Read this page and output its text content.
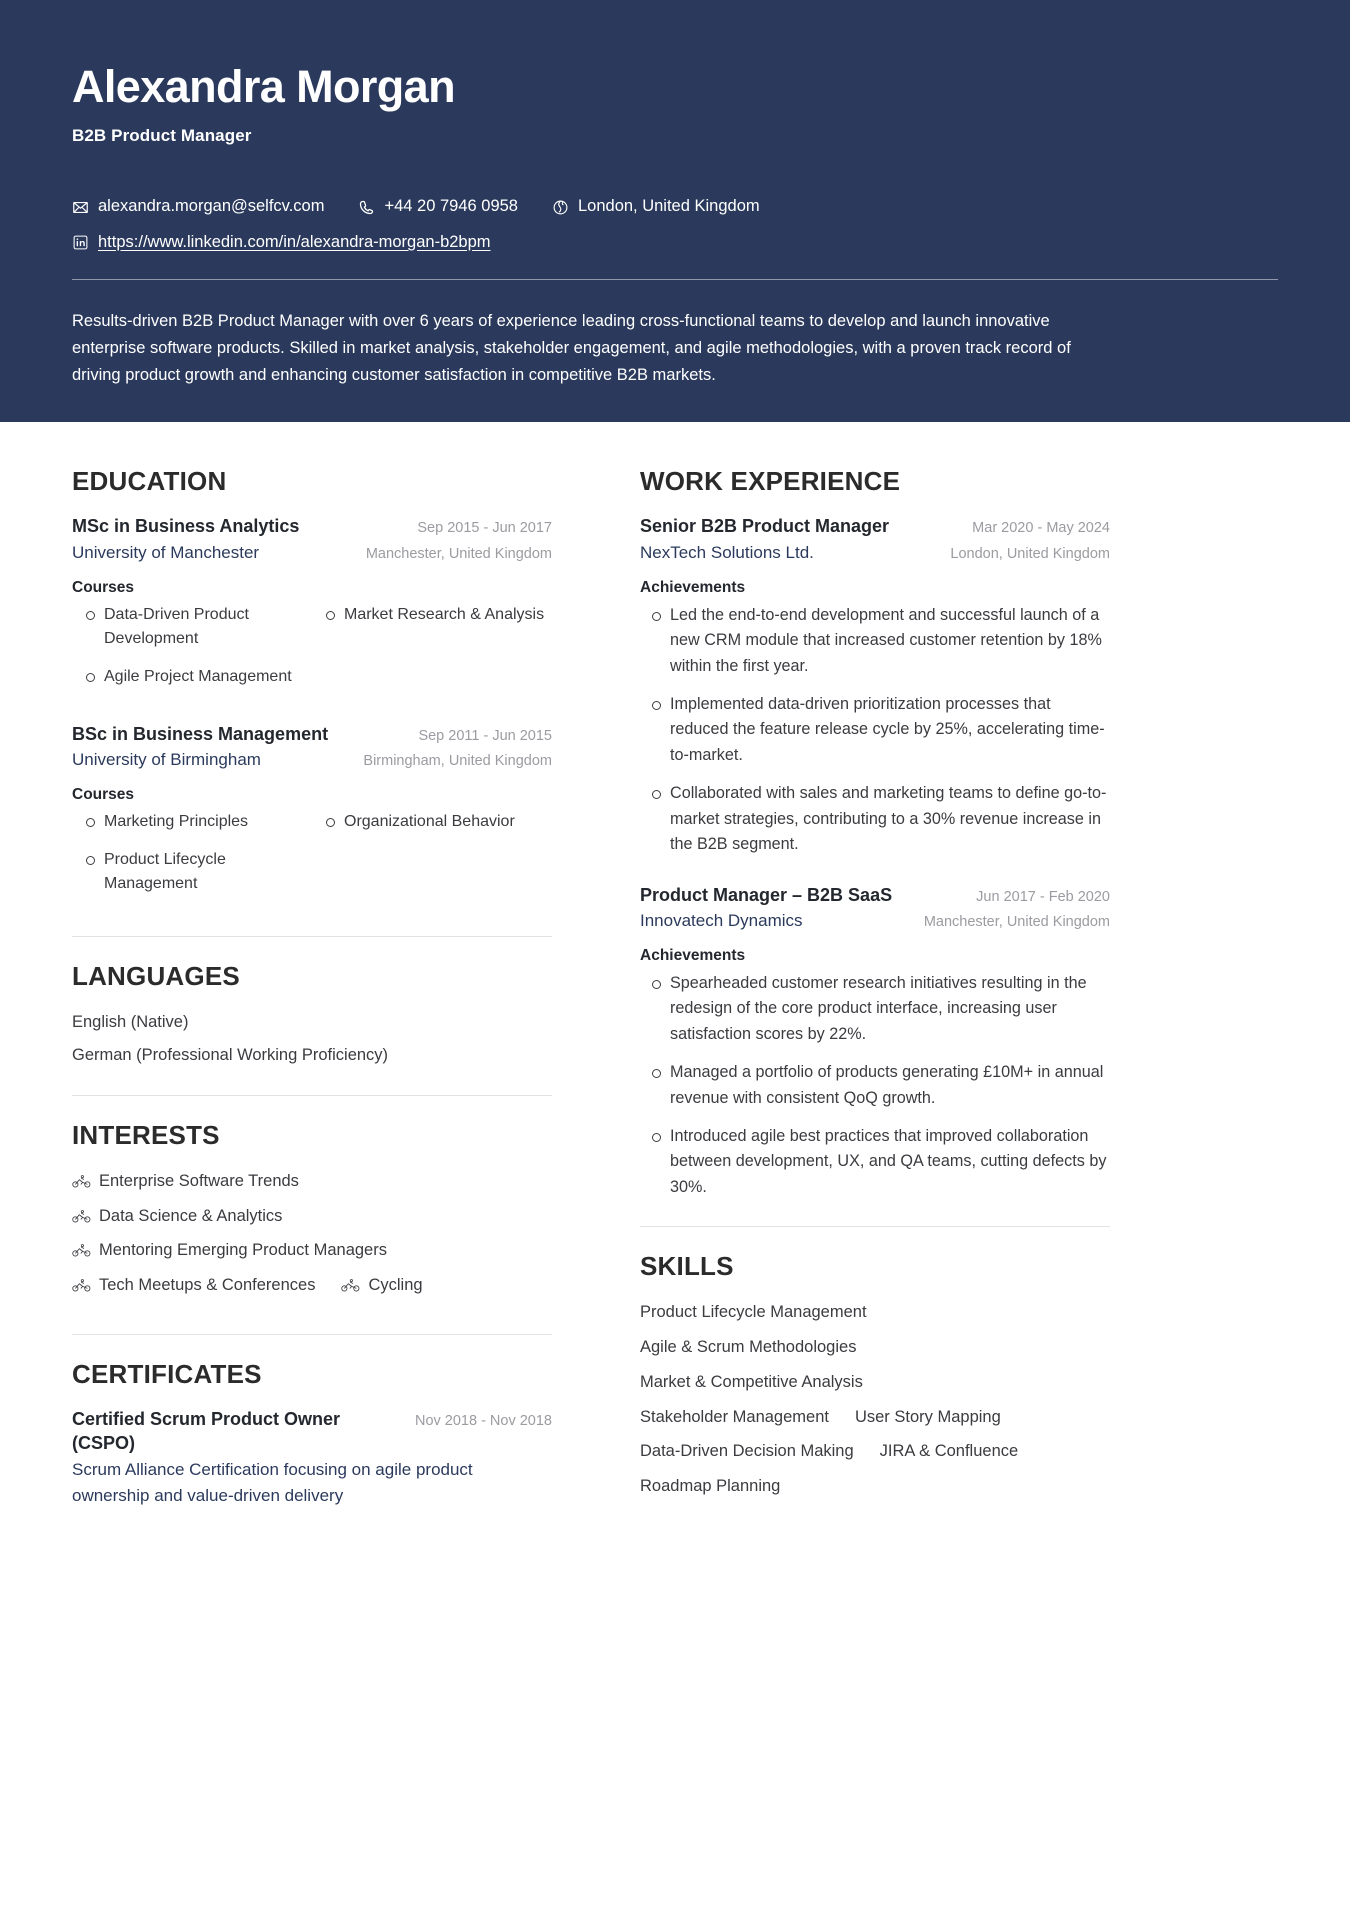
Alexandra Morgan
B2B Product Manager
alexandra.morgan@selfcv.com	+44 20 7946 0958	London, United Kingdom
https://www.linkedin.com/in/alexandra-morgan-b2bpm
Results-driven B2B Product Manager with over 6 years of experience leading cross-functional teams to develop and launch innovative enterprise software products. Skilled in market analysis, stakeholder engagement, and agile methodologies, with a proven track record of driving product growth and enhancing customer satisfaction in competitive B2B markets.
EDUCATION
MSc in Business Analytics	Sep 2015 - Jun 2017
University of Manchester	Manchester, United Kingdom
Courses
Data-Driven Product Development
Market Research & Analysis
Agile Project Management
BSc in Business Management	Sep 2011 - Jun 2015
University of Birmingham	Birmingham, United Kingdom
Courses
Marketing Principles	Organizational Behavior
Product Lifecycle Management
LANGUAGES
English (Native)
German (Professional Working Proficiency)
INTERESTS
Enterprise Software Trends
Data Science & Analytics
Mentoring Emerging Product Managers
Tech Meetups & Conferences	Cycling
CERTIFICATES
Certified Scrum Product Owner (CSPO)
Nov 2018 - Nov 2018
Scrum Alliance Certification focusing on agile product ownership and value-driven delivery
WORK EXPERIENCE
Senior B2B Product Manager	Mar 2020 - May 2024
NexTech Solutions Ltd.	London, United Kingdom
Achievements
Led the end-to-end development and successful launch of a new CRM module that increased customer retention by 18% within the first year.
Implemented data-driven prioritization processes that reduced the feature release cycle by 25%, accelerating time-to-market.
Collaborated with sales and marketing teams to define go-to-market strategies, contributing to a 30% revenue increase in the B2B segment.
Product Manager – B2B SaaS	Jun 2017 - Feb 2020
Innovatech Dynamics	Manchester, United Kingdom
Achievements
Spearheaded customer research initiatives resulting in the redesign of the core product interface, increasing user satisfaction scores by 22%.
Managed a portfolio of products generating £10M+ in annual revenue with consistent QoQ growth.
Introduced agile best practices that improved collaboration between development, UX, and QA teams, cutting defects by 30%.
SKILLS
Product Lifecycle Management
Agile & Scrum Methodologies
Market & Competitive Analysis
Stakeholder Management User Story Mapping
Data-Driven Decision Making JIRA & Confluence
Roadmap Planning
